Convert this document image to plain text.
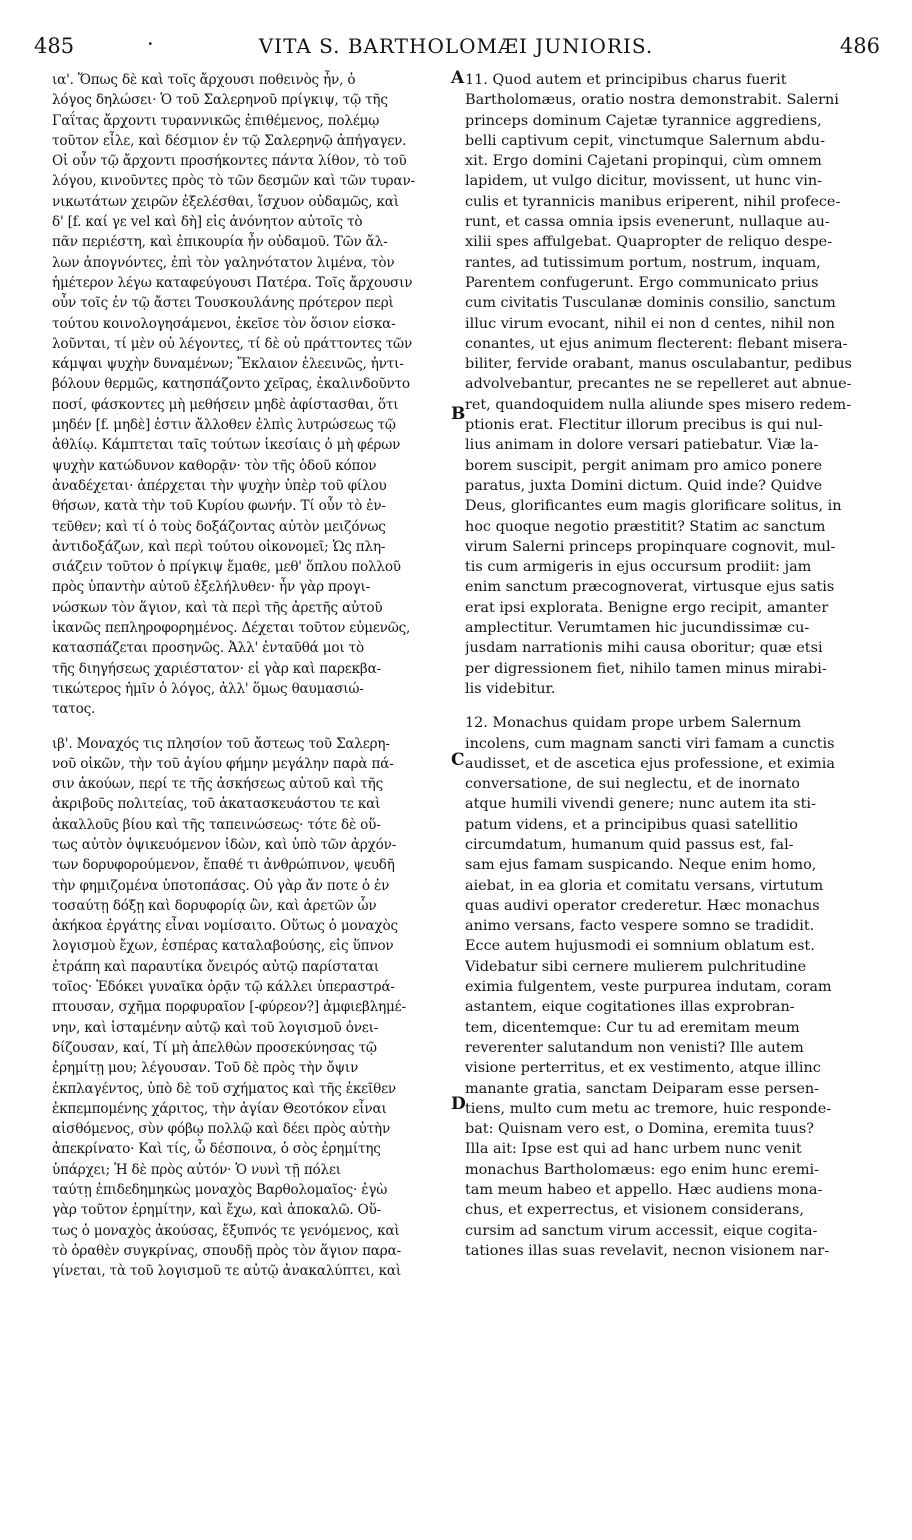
485	·	VITA S. BARTHOLOMÆI JUNIORIS.	486
ια'. Ὅπως δὲ καὶ τοῖς ἄρχουσι ποθεινὸς ἦν, ὁ
λόγος δηλώσει· Ὁ τοῦ Σαλερηνοῦ πρίγκιψ, τῷ τῆς
Γαΐτας ἄρχοντι τυραννικῶς ἐπιθέμενος, πολέμῳ
τοῦτον εἶλε, καὶ δέσμιον ἐν τῷ Σαλερηνῷ ἀπήγαγεν.
Οἱ οὖν τῷ ἄρχοντι προσήκοντες πάντα λίθον, τὸ τοῦ
λόγου, κινοῦντες πρὸς τὸ τῶν δεσμῶν καὶ τῶν τυραν-
νικωτάτων χειρῶν ἐξελέσθαι, ἴσχυον οὐδαμῶς, καὶ
δ' [f. καί γε vel καὶ δὴ] εἰς ἀνόνητον αὐτοῖς τὸ
πᾶν περιέστη, καὶ ἐπικουρία ἦν οὐδαμοῦ. Τῶν ἄλ-
λων ἀπογνόντες, ἐπὶ τὸν γαληνότατον λιμένα, τὸν
ἡμέτερον λέγω καταφεύγουσι Πατέρα. Τοῖς ἄρχουσιν
οὖν τοῖς ἐν τῷ ἄστει Τουσκουλάνης πρότερον περὶ
τούτου κοινολογησάμενοι, ἐκεῖσε τὸν ὅσιον εἰσκα-
λοῦνται, τί μὲν οὐ λέγοντες, τί δὲ οὐ πράττοντες τῶν
κάμψαι ψυχὴν δυναμένων; Ἔκλαιον ἐλεεινῶς, ἠντι-
βόλουν θερμῶς, κατησπάζοντο χεῖρας, ἐκαλινδοῦντο
ποσί, φάσκοντες μὴ μεθήσειν μηδὲ ἀφίστασθαι, ὅτι
μηδέν [f. μηδὲ] ἐστιν ἄλλοθεν ἐλπὶς λυτρώσεως τῷ
ἀθλίῳ. Κάμπτεται ταῖς τούτων ἱκεσίαις ὁ μὴ φέρων
ψυχὴν κατώδυνον καθορᾷν· τὸν τῆς ὁδοῦ κόπον
ἀναδέχεται· ἀπέρχεται τὴν ψυχὴν ὑπὲρ τοῦ φίλου
θήσων, κατὰ τὴν τοῦ Κυρίου φωνήν. Τί οὖν τὸ ἐν-
τεῦθεν; καὶ τί ὁ τοὺς δοξάζοντας αὐτὸν μειζόνως
ἀντιδοξάζων, καὶ περὶ τούτου οἰκονομεῖ; Ὡς πλη-
σιάζειν τοῦτον ὁ πρίγκιψ ἔμαθε, μεθ' ὅπλου πολλοῦ
πρὸς ὑπαντὴν αὐτοῦ ἐξελήλυθεν· ἦν γὰρ προγι-
νώσκων τὸν ἅγιον, καὶ τὰ περὶ τῆς ἀρετῆς αὐτοῦ
ἱκανῶς πεπληροφορημένος. Δέχεται τοῦτον εὐμενῶς,
κατασπάζεται προσηνῶς. Ἀλλ' ἐνταῦθά μοι τὸ
τῆς διηγήσεως χαριέστατον· εἰ γὰρ καὶ παρεκβα-
τικώτερος ἡμῖν ὁ λόγος, ἀλλ' ὅμως θαυμασιώ-
τατος.
ιβ'. Μοναχός τις πλησίον τοῦ ἄστεως τοῦ Σαλερη-
νοῦ οἰκῶν, τὴν τοῦ ἁγίου φήμην μεγάλην παρὰ πά-
σιν ἀκούων, περί τε τῆς ἀσκήσεως αὐτοῦ καὶ τῆς
ἀκριβοῦς πολιτείας, τοῦ ἀκατασκευάστου τε καὶ
ἀκαλλοῦς βίου καὶ τῆς ταπεινώσεως· τότε δὲ οὕ-
τως αὐτὸν ὀψικευόμενον ἰδὼν, καὶ ὑπὸ τῶν ἀρχόν-
των δορυφορούμενον, ἔπαθέ τι ἀνθρώπινον, ψευδῆ
τὴν φημιζομένα ὑποτοπάσας. Οὐ γὰρ ἄν ποτε ὁ ἐν
τοσαύτῃ δόξῃ καὶ δορυφορίᾳ ὢν, καὶ ἀρετῶν ὧν
ἀκήκοα ἐργάτης εἶναι νομίσαιτο. Οὕτως ὁ μοναχὸς
λογισμοὺ ἔχων, ἑσπέρας καταλαβούσης, εἰς ὕπνον
ἐτράπη καὶ παραυτίκα ὄνειρός αὐτῷ παρίσταται
τοῖος· Ἐδόκει γυναῖκα ὁρᾷν τῷ κάλλει ὑπεραστρά-
πτουσαν, σχῆμα πορφυραῖον [-φύρεον?] ἀμφιεβλημέ-
νην, καὶ ἱσταμένην αὐτῷ καὶ τοῦ λογισμοῦ ὀνει-
δίζουσαν, καί, Τί μὴ ἀπελθὼν προσεκύνησας τῷ
ἐρημίτῃ μου; λέγουσαν. Τοῦ δὲ πρὸς τὴν ὄψιν
ἐκπλαγέντος, ὑπὸ δὲ τοῦ σχήματος καὶ τῆς ἐκεῖθεν
ἐκπεμπομένης χάριτος, τὴν ἁγίαν Θεοτόκον εἶναι
αἰσθόμενος, σὺν φόβῳ πολλῷ καὶ δέει πρὸς αὐτὴν
ἀπεκρίνατο· Καὶ τίς, ὦ δέσποινα, ὁ σὸς ἐρημίτης
ὑπάρχει; Ἡ δὲ πρὸς αὐτόν· Ὁ νυνὶ τῇ πόλει
ταύτῃ ἐπιδεδημηκὼς μοναχὸς Βαρθολομαῖος· ἐγὼ
γὰρ τοῦτον ἐρημίτην, καὶ ἔχω, καὶ ἀποκαλῶ. Οὕ-
τως ὁ μοναχὸς ἀκούσας, ἔξυπνός τε γενόμενος, καὶ
τὸ ὁραθὲν συγκρίνας, σπουδῇ πρὸς τὸν ἅγιον παρα-
γίνεται, τὰ τοῦ λογισμοῦ τε αὐτῷ ἀνακαλύπτει, καὶ
11. Quod autem et principibus charus fuerit
Bartholomæus, oratio nostra demonstrabit. Salerni
princeps dominum Cajetæ tyrannice aggrediens,
belli captivum cepit, vinctumque Salernum abdu-
xit. Ergo domini Cajetani propinqui, cùm omnem
lapidem, ut vulgo dicitur, movissent, ut hunc vin-
culis et tyrannicis manibus eriperent, nihil profece-
runt, et cassa omnia ipsis evenerunt, nullaque au-
xilii spes affulgebat. Quapropter de reliquo despe-
rantes, ad tutissimum portum, nostrum, inquam,
Parentem confugerunt. Ergo communicato prius
cum civitatis Tusculanæ dominis consilio, sanctum
illuc virum evocant, nihil ei non d centes, nihil non
conantes, ut ejus animum flecterent: flebant misera-
biliter, fervide orabant, manus osculabantur, pedibus
advolvebantur, precantes ne se repelleret aut abnue-
ret, quandoquidem nulla aliunde spes misero redem-
ptionis erat. Flectitur illorum precibus is qui nul-
lius animam in dolore versari patiebatur. Viæ la-
borem suscipit, pergit animam pro amico ponere
paratus, juxta Domini dictum. Quid inde? Quidve
Deus, glorificantes eum magis glorificare solitus, in
hoc quoque negotio præstitit? Statim ac sanctum
virum Salerni princeps propinquare cognovit, mul-
tis cum armigeris in ejus occursum prodiit: jam
enim sanctum præcognoverat, virtusque ejus satis
erat ipsi explorata. Benigne ergo recipit, amanter
amplectitur. Verumtamen hic jucundissimæ cu-
jusdam narrationis mihi causa oboritur; quæ etsi
per digressionem fiet, nihilo tamen minus mirabi-
lis videbitur.
12. Monachus quidam prope urbem Salernum
incolens, cum magnam sancti viri famam a cunctis
audisset, et de ascetica ejus professione, et eximia
conversatione, de sui neglectu, et de inornato
atque humili vivendi genere; nunc autem ita sti-
patum videns, et a principibus quasi satellitio
circumdatum, humanum quid passus est, fal-
sam ejus famam suspicando. Neque enim homo,
aiebat, in ea gloria et comitatu versans, virtutum
quas audivi operator crederetur. Hæc monachus
animo versans, facto vespere somno se tradidit.
Ecce autem hujusmodi ei somnium oblatum est.
Videbatur sibi cernere mulierem pulchritudine
eximia fulgentem, veste purpurea indutam, coram
astantem, eique cogitationes illas exprobran-
tem, dicentemque: Cur tu ad eremitam meum
reverenter salutandum non venisti? Ille autem
visione perterritus, et ex vestimento, atque illinc
manante gratia, sanctam Deiparam esse persen-
tiens, multo cum metu ac tremore, huic responde-
bat: Quisnam vero est, o Domina, eremita tuus?
Illa ait: Ipse est qui ad hanc urbem nunc venit
monachus Bartholomæus: ego enim hunc eremi-
tam meum habeo et appello. Hæc audiens mona-
chus, et experrectus, et visionem considerans,
cursim ad sanctum virum accessit, eique cogita-
tationes illas suas revelavit, necnon visionem nar-
A
B
C
D
